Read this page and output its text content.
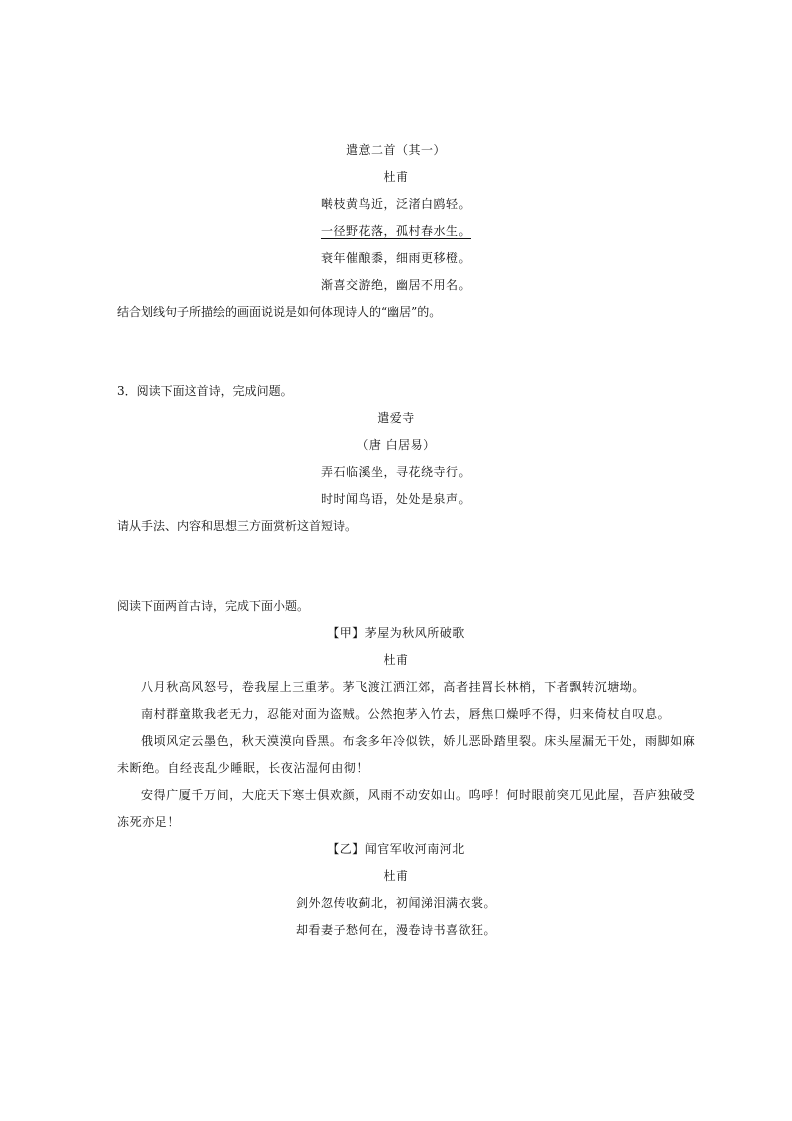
遣意二首（其一）
杜甫
啭枝黄鸟近，泛渚白鸥轻。
一径野花落，孤村春水生。
衰年催酿黍，细雨更移橙。
渐喜交游绝，幽居不用名。
结合划线句子所描绘的画面说说是如何体现诗人的“幽居”的。
3．阅读下面这首诗，完成问题。
遣爱寺
（唐 白居易）
弄石临溪坐，寻花绕寺行。
时时闻鸟语，处处是泉声。
请从手法、内容和思想三方面赏析这首短诗。
阅读下面两首古诗，完成下面小题。
【甲】茅屋为秋风所破歌
杜甫
八月秋高风怒号，卷我屋上三重茅。茅飞渡江洒江郊，高者挂罥长林梢，下者飘转沉塘坳。
南村群童欺我老无力，忍能对面为盗贼。公然抱茅入竹去，唇焦口燥呼不得，归来倚杖自叹息。
俄顷风定云墨色，秋天漠漠向昏黑。布衾多年冷似铁，娇儿恶卧踏里裂。床头屋漏无干处，雨脚如麻
未断绝。自经丧乱少睡眠，长夜沾湿何由彻！
安得广厦千万间，大庇天下寒士俱欢颜，风雨不动安如山。呜呼！何时眼前突兀见此屋，吾庐独破受
冻死亦足！
【乙】闻官军收河南河北
杜甫
剑外忽传收蓟北，初闻涕泪满衣裳。
却看妻子愁何在，漫卷诗书喜欲狂。
